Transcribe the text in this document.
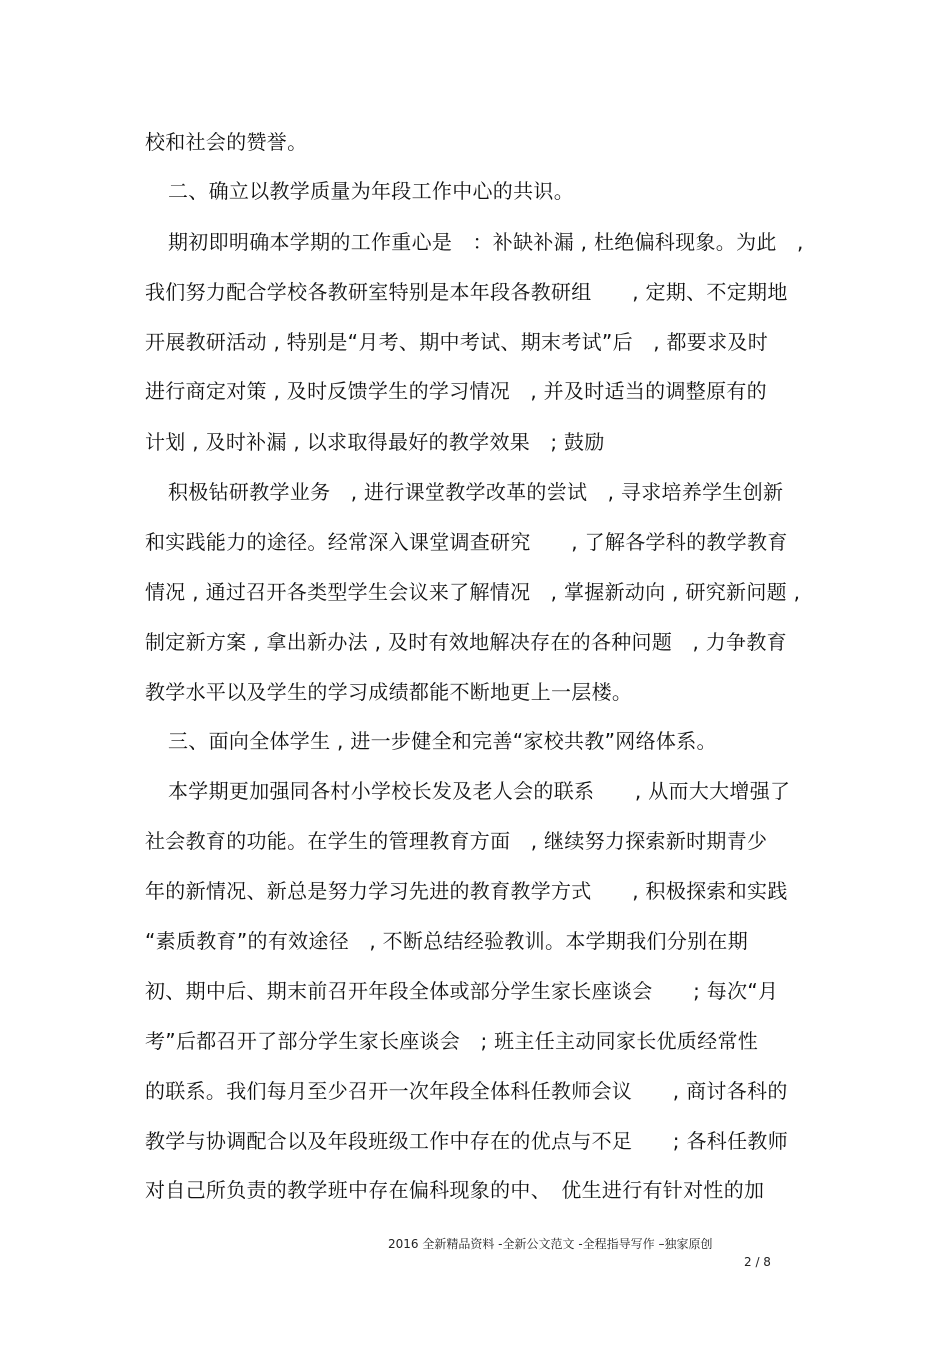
校和社会的赞誉。
二、确立以教学质量为年段工作中心的共识。
期初即明确本学期的工作重心是　：补缺补漏 , 杜绝偏科现象。为此　,
我们努力配合学校各教研室特别是本年段各教研组　　, 定期、不定期地
开展教研活动 , 特别是“月考、期中考试、期末考试”后　, 都要求及时
进行商定对策 , 及时反馈学生的学习情况　, 并及时适当的调整原有的
计划 , 及时补漏 , 以求取得最好的教学效果　; 鼓励
积极钻研教学业务　, 进行课堂教学改革的尝试　, 寻求培养学生创新
和实践能力的途径。经常深入课堂调查研究　　, 了解各学科的教学教育
情况 , 通过召开各类型学生会议来了解情况　, 掌握新动向 , 研究新问题 ,
制定新方案 , 拿出新办法 , 及时有效地解决存在的各种问题　, 力争教育
教学水平以及学生的学习成绩都能不断地更上一层楼。
三、面向全体学生 , 进一步健全和完善“家校共教”网络体系。
本学期更加强同各村小学校长发及老人会的联系　　, 从而大大增强了
社会教育的功能。在学生的管理教育方面　, 继续努力探索新时期青少
年的新情况、新总是努力学习先进的教育教学方式　　, 积极探索和实践
“素质教育”的有效途径　, 不断总结经验教训。本学期我们分别在期
初、期中后、期末前召开年段全体或部分学生家长座谈会　　; 每次“月
考”后都召开了部分学生家长座谈会　; 班主任主动同家长优质经常性
的联系。我们每月至少召开一次年段全体科任教师会议　　, 商讨各科的
教学与协调配合以及年段班级工作中存在的优点与不足　　; 各科任教师
对自己所负责的教学班中存在偏科现象的中、　优生进行有针对性的加
2016 全新精品资料 -全新公文范文 -全程指导写作 –独家原创
2 / 8
